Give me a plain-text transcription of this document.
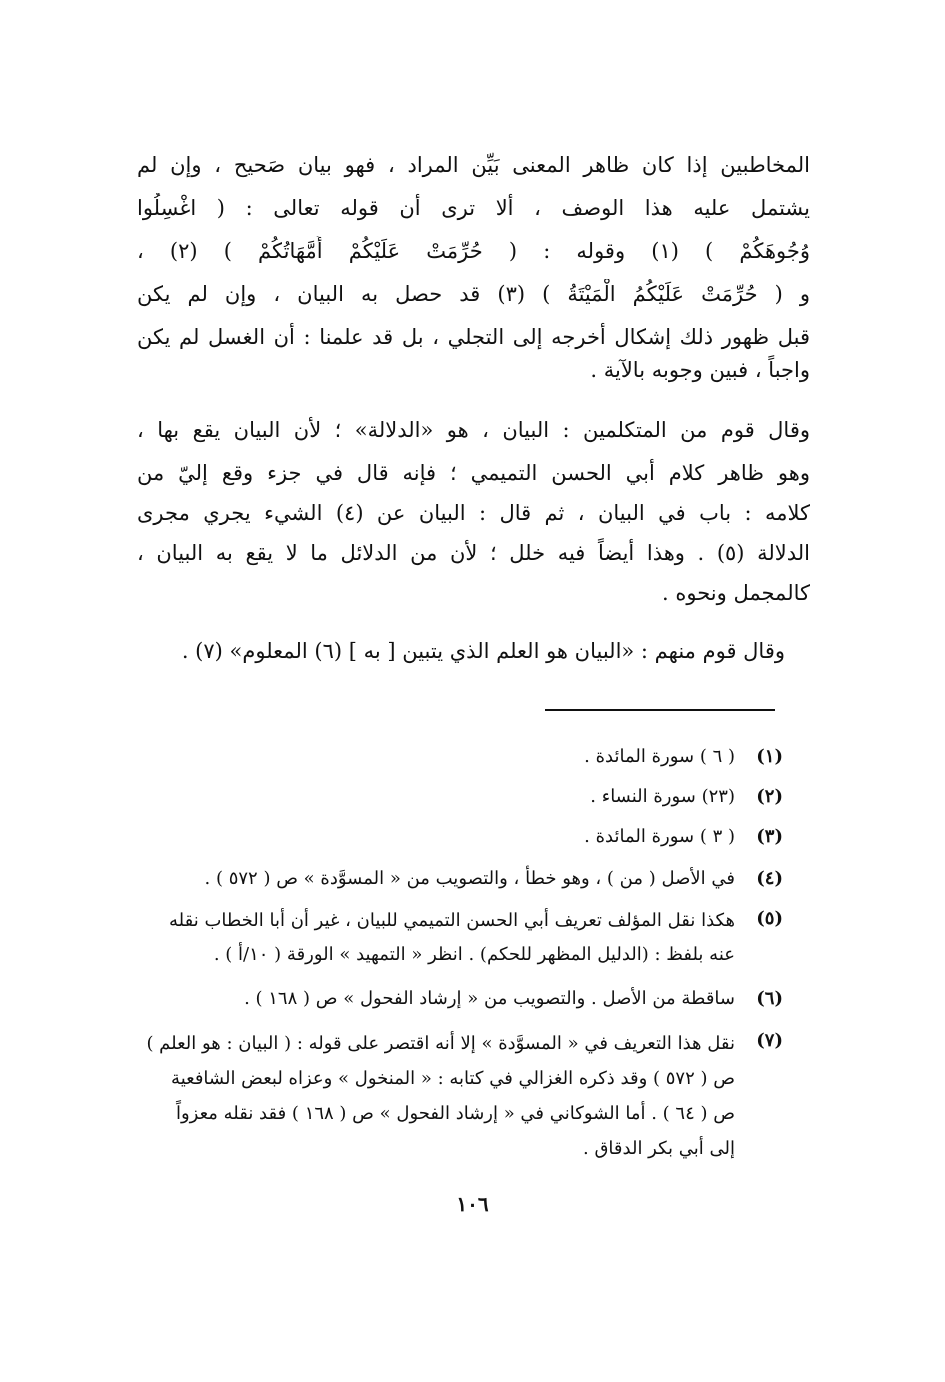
المخاطبين إذا كان ظاهر المعنى بَيِّن المراد ، فهو بيان صَحيح ، وإن لم
يشتمل عليه هذا الوصف ، ألا ترى أن قوله تعالى : ( اغْسِلُوا
وُجُوهَكُمْ ) (١) وقوله : ( حُرِّمَتْ عَلَيْكُمْ أُمَّهَاتُكُمْ ) (٢) ،
و ( حُرِّمَتْ عَلَيْكُمُ الْمَيْتَةُ ) (٣) قد حصل به البيان ، وإن لم يكن
قبل ظهور ذلك إشكال أخرجه إلى التجلي ، بل قد علمنا : أن الغسل لم يكن
واجباً ، فبين وجوبه بالآية .
وقال قوم من المتكلمين : البيان ، هو «الدلالة» ؛ لأن البيان يقع بها ،
وهو ظاهر كلام أبي الحسن التميمي ؛ فإنه قال في جزء وقع إليّ من
كلامه : باب في البيان ، ثم قال : البيان عن (٤) الشيء يجري مجرى
الدلالة (٥) . وهذا أيضاً فيه خلل ؛ لأن من الدلائل ما لا يقع به البيان ،
كالمجمل ونحوه .
وقال قوم منهم : «البيان هو العلم الذي يتبين [ به ] (٦) المعلوم» (٧) .
(١)
( ٦ ) سورة المائدة .
(٢)
(٢٣) سورة النساء .
(٣)
( ٣ ) سورة المائدة .
(٤)
في الأصل ( من ) ، وهو خطأ ، والتصويب من « المسوَّدة » ص ( ٥٧٢ ) .
(٥)
هكذا نقل المؤلف تعريف أبي الحسن التميمي للبيان ، غير أن أبا الخطاب نقله
عنه بلفظ : (الدليل المظهر للحكم) . انظر « التمهيد » الورقة ( ١٠/أ ) .
(٦)
ساقطة من الأصل . والتصويب من « إرشاد الفحول » ص ( ١٦٨ ) .
(٧)
نقل هذا التعريف في « المسوَّدة » إلا أنه اقتصر على قوله : ( البيان : هو العلم )
ص ( ٥٧٢ ) وقد ذكره الغزالي في كتابه : « المنخول » وعزاه لبعض الشافعية
ص ( ٦٤ ) . أما الشوكاني في « إرشاد الفحول » ص ( ١٦٨ ) فقد نقله معزواً
إلى أبي بكر الدقاق .
١٠٦
